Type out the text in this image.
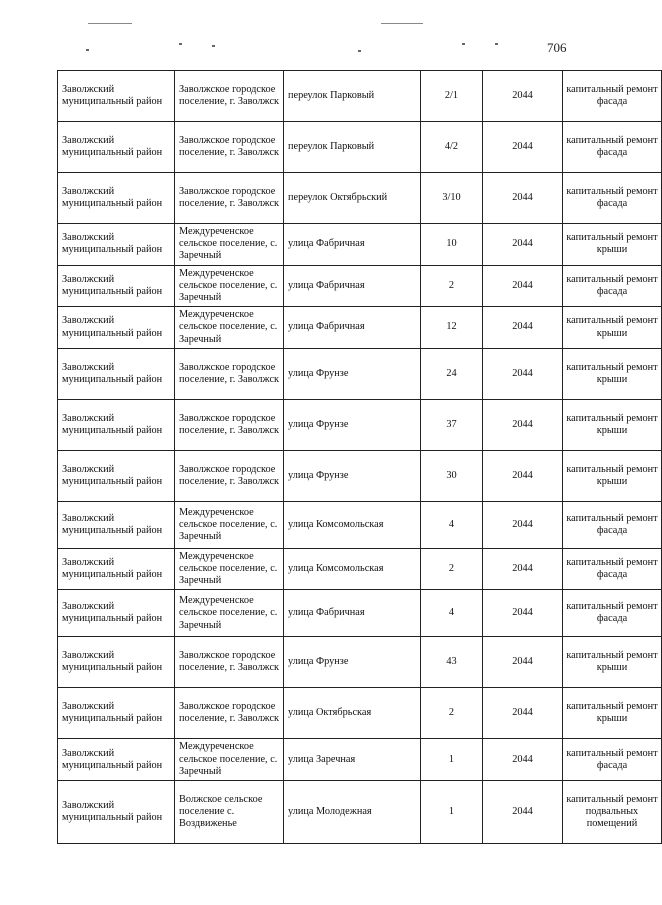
706
Заволжский муниципальный район	Заволжское городское поселение, г. Заволжск	переулок Парковый	2/1	2044	капитальный ремонт фасада
Заволжский муниципальный район	Заволжское городское поселение, г. Заволжск	переулок Парковый	4/2	2044	капитальный ремонт фасада
Заволжский муниципальный район	Заволжское городское поселение, г. Заволжск	переулок Октябрьский	3/10	2044	капитальный ремонт фасада
Заволжский муниципальный район	Междуреченское сельское поселение, с. Заречный	улица Фабричная	10	2044	капитальный ремонт крыши
Заволжский муниципальный район	Междуреченское сельское поселение, с. Заречный	улица Фабричная	2	2044	капитальный ремонт фасада
Заволжский муниципальный район	Междуреченское сельское поселение, с. Заречный	улица Фабричная	12	2044	капитальный ремонт крыши
Заволжский муниципальный район	Заволжское городское поселение, г. Заволжск	улица Фрунзе	24	2044	капитальный ремонт крыши
Заволжский муниципальный район	Заволжское городское поселение, г. Заволжск	улица Фрунзе	37	2044	капитальный ремонт крыши
Заволжский муниципальный район	Заволжское городское поселение, г. Заволжск	улица Фрунзе	30	2044	капитальный ремонт крыши
Заволжский муниципальный район	Междуреченское сельское поселение, с. Заречный	улица Комсомольская	4	2044	капитальный ремонт фасада
Заволжский муниципальный район	Междуреченское сельское поселение, с. Заречный	улица Комсомольская	2	2044	капитальный ремонт фасада
Заволжский муниципальный район	Междуреченское сельское поселение, с. Заречный	улица Фабричная	4	2044	капитальный ремонт фасада
Заволжский муниципальный район	Заволжское городское поселение, г. Заволжск	улица Фрунзе	43	2044	капитальный ремонт крыши
Заволжский муниципальный район	Заволжское городское поселение, г. Заволжск	улица Октябрьская	2	2044	капитальный ремонт крыши
Заволжский муниципальный район	Междуреченское сельское поселение, с. Заречный	улица Заречная	1	2044	капитальный ремонт фасада
Заволжский муниципальный район	Волжское сельское поселение с. Воздвиженье	улица Молодежная	1	2044	капитальный ремонт подвальных помещений
